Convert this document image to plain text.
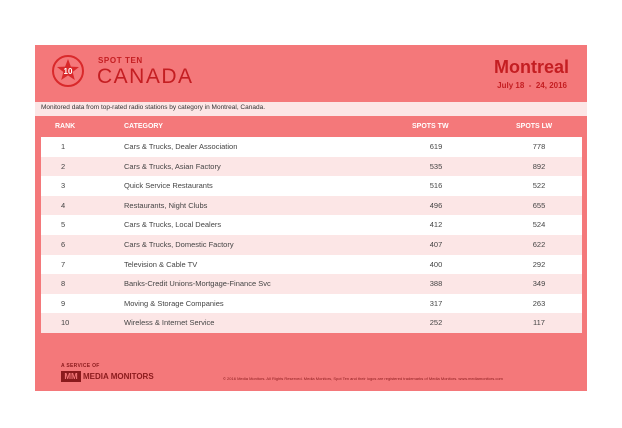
10
SPOT TEN
CANADA	Montreal
July 18  -  24, 2016
Monitored data from top-rated radio stations by category in Montreal, Canada.
RANK	CATEGORY	SPOTS TW	SPOTS LW
1	Cars & Trucks, Dealer Association	619	778
2	Cars & Trucks, Asian Factory	535	892
3	Quick Service Restaurants	516	522
4	Restaurants, Night Clubs	496	655
5	Cars & Trucks, Local Dealers	412	524
6	Cars & Trucks, Domestic Factory	407	622
7	Television & Cable TV	400	292
8	Banks-Credit Unions-Mortgage-Finance Svc	388	349
9	Moving & Storage Companies	317	263
10	Wireless & Internet Service	252	117
A SERVICE OF
MM MEDIA MONITORS	© 2016 Media Monitors. All Rights Reserved. Media Monitors, Spot Ten and their logos are registered trademarks of Media Monitors. www.mediamonitors.com
